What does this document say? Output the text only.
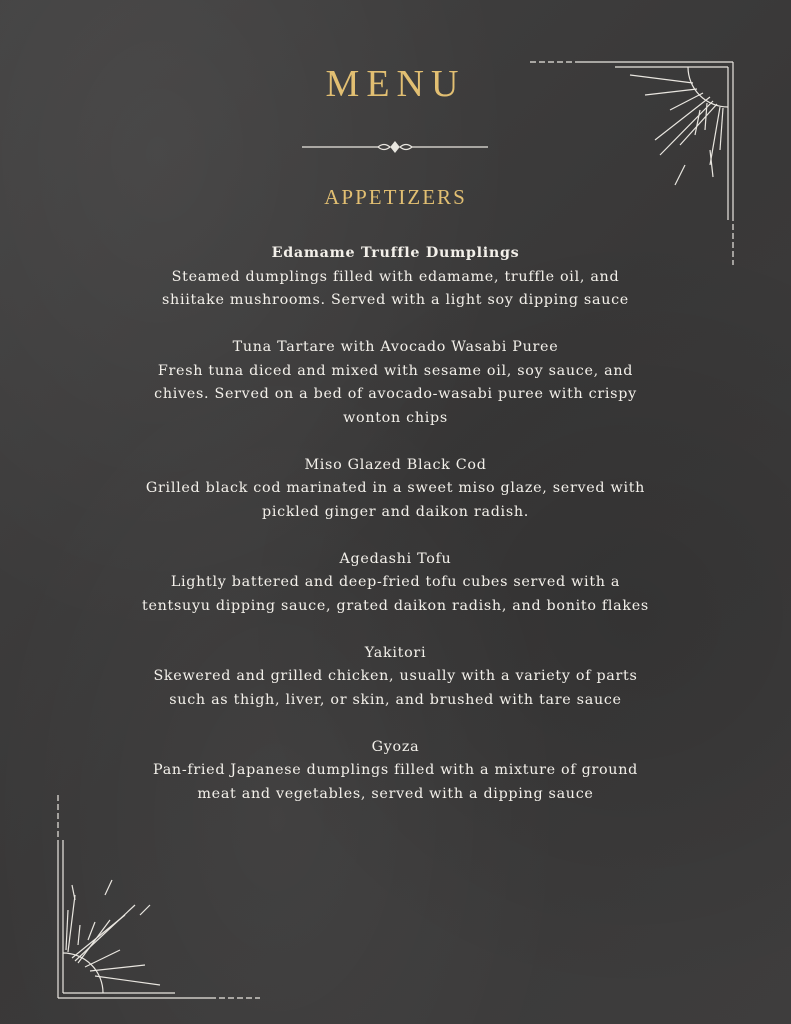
MENU
APPETIZERS
Edamame Truffle Dumplings
Steamed dumplings filled with edamame, truffle oil, and shiitake mushrooms. Served with a light soy dipping sauce
Tuna Tartare with Avocado Wasabi Puree
Fresh tuna diced and mixed with sesame oil, soy sauce, and chives. Served on a bed of avocado-wasabi puree with crispy wonton chips
Miso Glazed Black Cod
Grilled black cod marinated in a sweet miso glaze, served with pickled ginger and daikon radish.
Agedashi Tofu
Lightly battered and deep-fried tofu cubes served with a tentsuyu dipping sauce, grated daikon radish, and bonito flakes
Yakitori
Skewered and grilled chicken, usually with a variety of parts such as thigh, liver, or skin, and brushed with tare sauce
Gyoza
Pan-fried Japanese dumplings filled with a mixture of ground meat and vegetables, served with a dipping sauce
